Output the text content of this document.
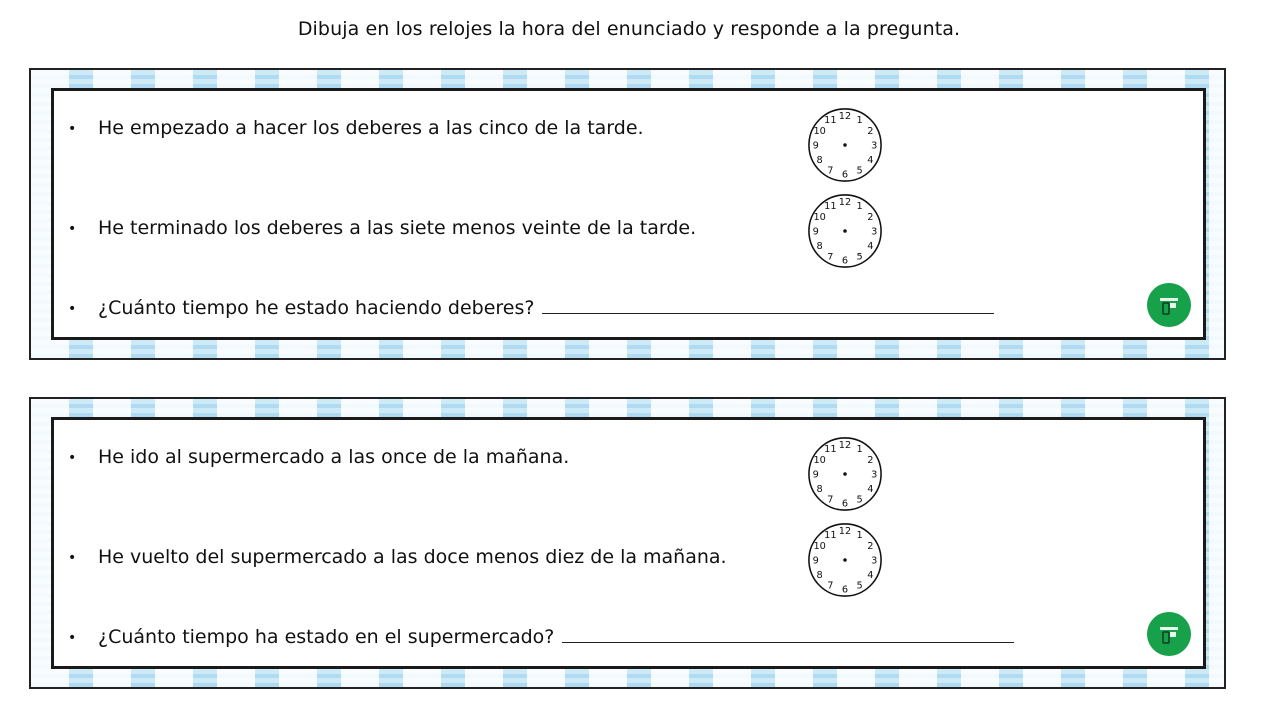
Dibuja en los relojes la hora del enunciado y responde a la pregunta.
• He empezado a hacer los deberes a las cinco de la tarde.
• He terminado los deberes a las siete menos veinte de la tarde.
• ¿Cuánto tiempo he estado haciendo deberes?
12 1
2
3
4
5
6
7
8
9
10
11
12 1
2
3
4
5
6
7
8
9
10
11
• He ido al supermercado a las once de la mañana.
• He vuelto del supermercado a las doce menos diez de la mañana.
• ¿Cuánto tiempo ha estado en el supermercado?
12 1
2
3
4
5
6
7
8
9
10
11
12 1
2
3
4
5
6
7
8
9
10
11
